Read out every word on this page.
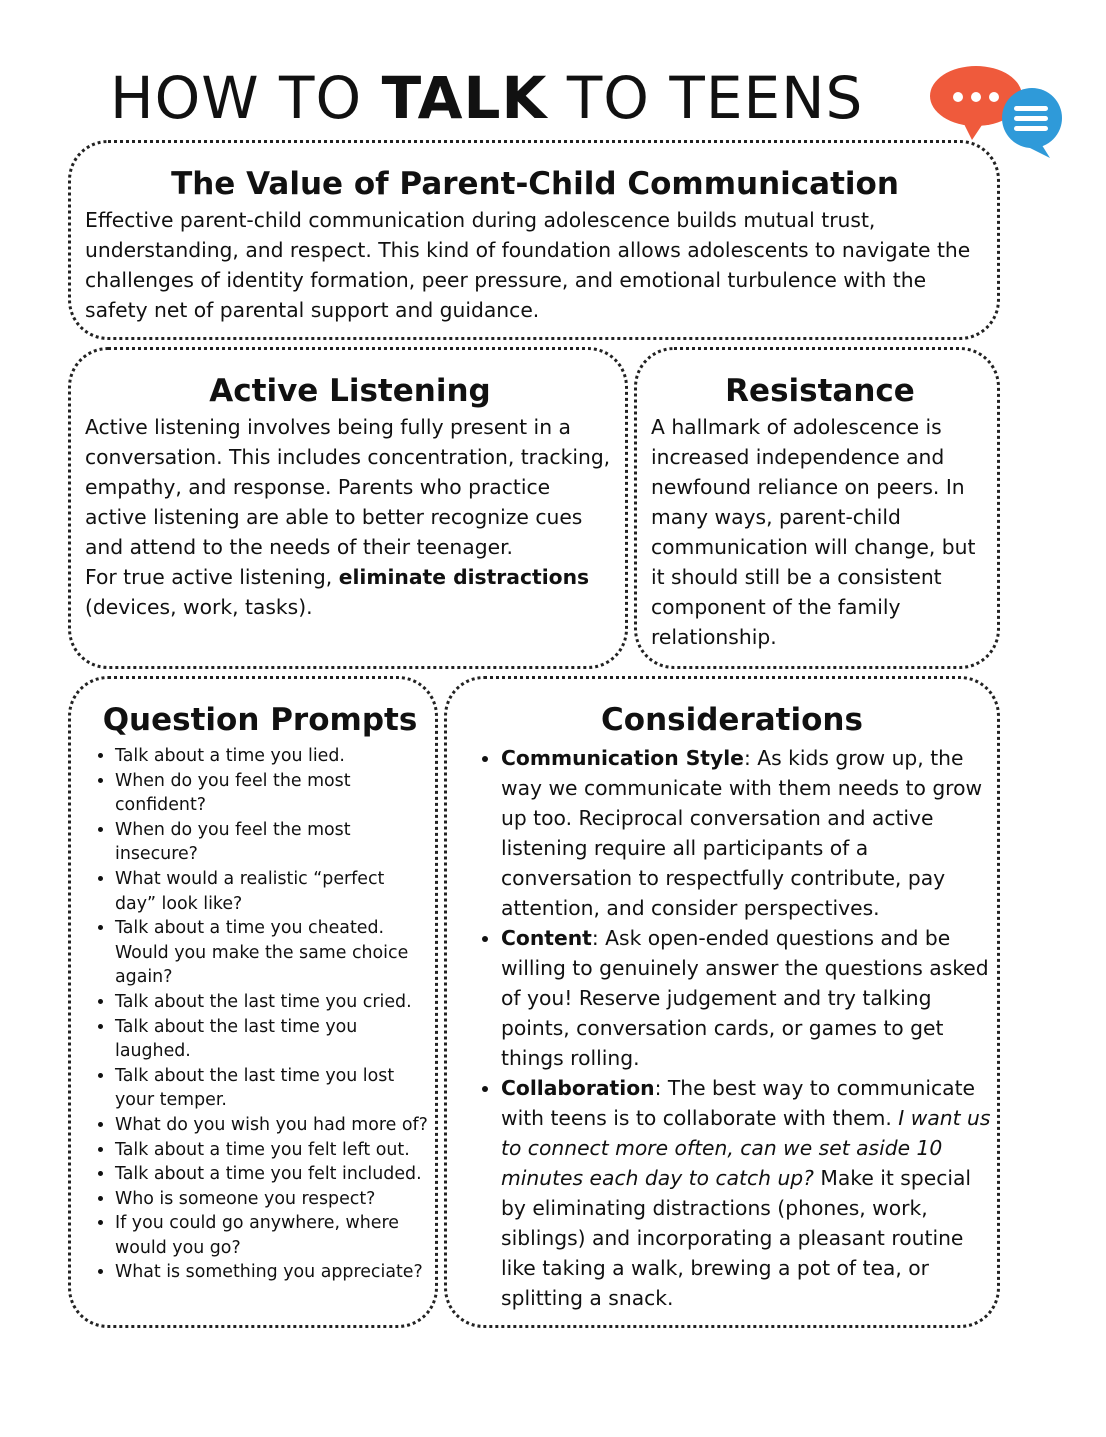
HOW TO TALK TO TEENS
The Value of Parent-Child Communication

Effective parent-child communication during adolescence builds mutual trust, understanding, and respect. This kind of foundation allows adolescents to navigate the challenges of identity formation, peer pressure, and emotional turbulence with the safety net of parental support and guidance.

Active Listening

Active listening involves being fully present in a conversation. This includes concentration, tracking, empathy, and response. Parents who practice active listening are able to better recognize cues and attend to the needs of their teenager.

For true active listening, eliminate distractions (devices, work, tasks).

Resistance

A hallmark of adolescence is increased independence and newfound reliance on peers. In many ways, parent-child communication will change, but it should still be a consistent component of the family relationship.

Question Prompts
• Talk about a time you lied.
• When do you feel the most confident?
• When do you feel the most insecure?
• What would a realistic “perfect day” look like?
• Talk about a time you cheated. Would you make the same choice again?
• Talk about the last time you cried.
• Talk about the last time you laughed.
• Talk about the last time you lost your temper.
• What do you wish you had more of?
• Talk about a time you felt left out.
• Talk about a time you felt included.
• Who is someone you respect?
• If you could go anywhere, where would you go?
• What is something you appreciate?
Considerations
• Communication Style: As kids grow up, the way we communicate with them needs to grow up too. Reciprocal conversation and active listening require all participants of a conversation to respectfully contribute, pay attention, and consider perspectives.
• Content: Ask open-ended questions and be willing to genuinely answer the questions asked of you! Reserve judgement and try talking points, conversation cards, or games to get things rolling.
• Collaboration: The best way to communicate with teens is to collaborate with them. I want us to connect more often, can we set aside 10 minutes each day to catch up? Make it special by eliminating distractions (phones, work, siblings) and incorporating a pleasant routine like taking a walk, brewing a pot of tea, or splitting a snack.
